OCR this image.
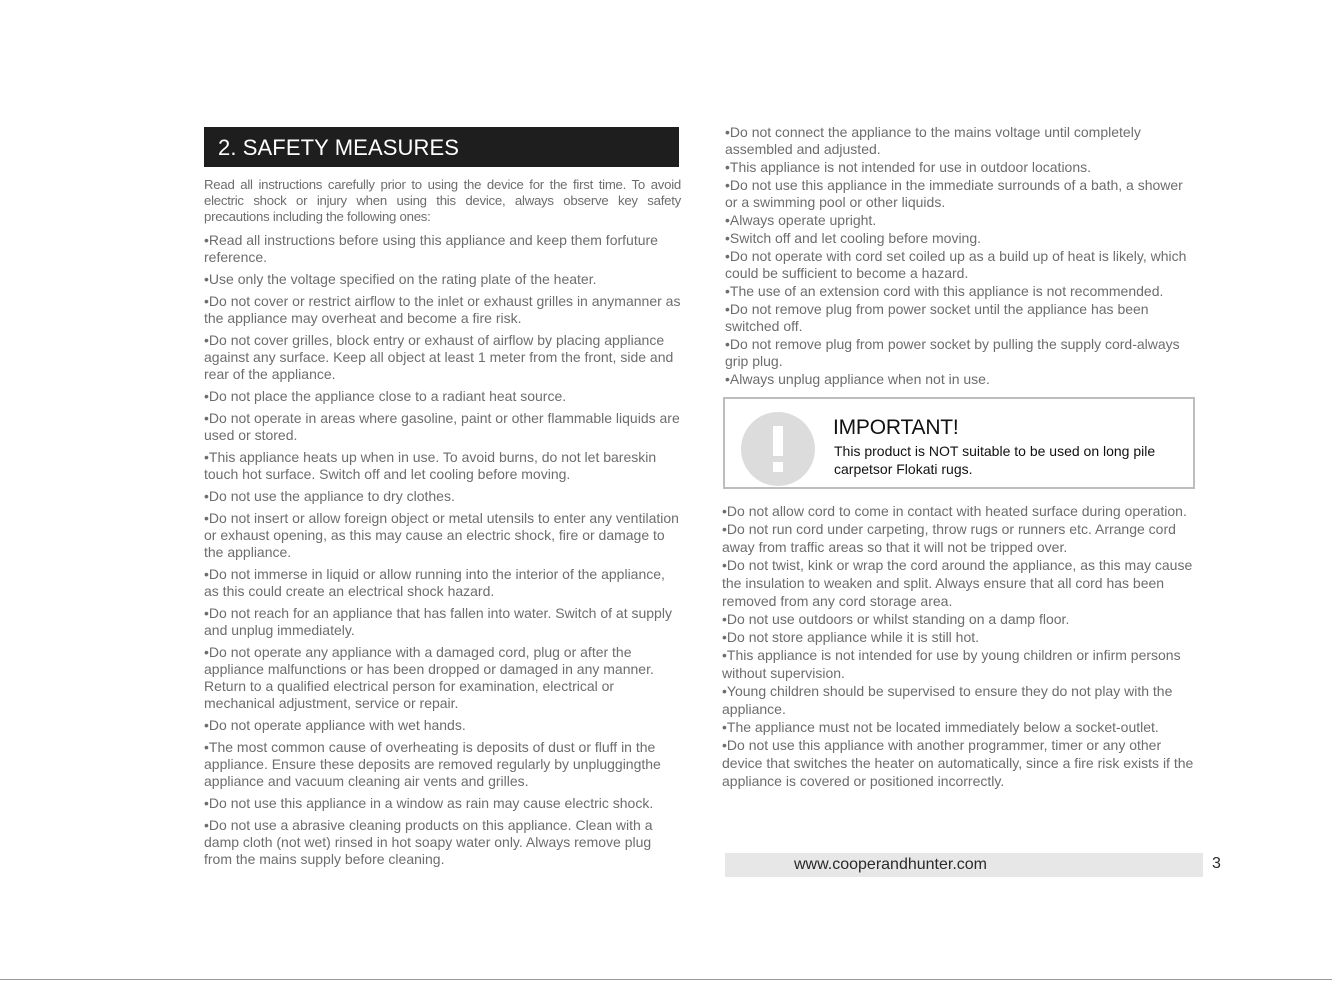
2. SAFETY MEASURES
Read all instructions carefully prior to using the device for the first time. To avoid electric shock or injury when using this device, always observe key safety precautions including the following ones:
•Read all instructions before using this appliance and keep them forfuture reference.
•Use only the voltage specified on the rating plate of the heater.
•Do not cover or restrict airflow to the inlet or exhaust grilles in anymanner as the appliance may overheat and become a fire risk.
•Do not cover grilles, block entry or exhaust of airflow by placing appliance against any surface. Keep all object at least 1 meter from the front, side and rear of the appliance.
•Do not place the appliance close to a radiant heat source.
•Do not operate in areas where gasoline, paint or other flammable liquids are used or stored.
•This appliance heats up when in use. To avoid burns, do not let bareskin touch hot surface. Switch off and let cooling before moving.
•Do not use the appliance to dry clothes.
•Do not insert or allow foreign object or metal utensils to enter any ventilation or exhaust opening, as this may cause an electric shock, fire or damage to the appliance.
•Do not immerse in liquid or allow running into the interior of the appliance, as this could create an electrical shock hazard.
•Do not reach for an appliance that has fallen into water. Switch of at supply and unplug immediately.
•Do not operate any appliance with a damaged cord, plug or after the appliance malfunctions or has been dropped or damaged in any manner. Return to a qualified electrical person for examination, electrical or mechanical adjustment, service or repair.
•Do not operate appliance with wet hands.
•The most common cause of overheating is deposits of dust or fluff in the appliance. Ensure these deposits are removed regularly by unpluggingthe appliance and vacuum cleaning air vents and grilles.
•Do not use this appliance in a window as rain may cause electric shock.
•Do not use a abrasive cleaning products on this appliance. Clean with a damp cloth (not wet) rinsed in hot soapy water only. Always remove plug from the mains supply before cleaning.
•Do not connect the appliance to the mains voltage until completely assembled and adjusted.
•This appliance is not intended for use in outdoor locations.
•Do not use this appliance in the immediate surrounds of a bath, a shower or a swimming pool or other liquids.
•Always operate upright.
•Switch off and let cooling before moving.
•Do not operate with cord set coiled up as a build up of heat is likely, which could be sufficient to become a hazard.
•The use of an extension cord with this appliance is not recommended.
•Do not remove plug from power socket until the appliance has been switched off.
•Do not remove plug from power socket by pulling the supply cord-always grip plug.
•Always unplug appliance when not in use.
IMPORTANT!
This product is NOT suitable to be used on long pile carpetsor Flokati rugs.
•Do not allow cord to come in contact with heated surface during operation.
•Do not run cord under carpeting, throw rugs or runners etc. Arrange cord away from traffic areas so that it will not be tripped over.
•Do not twist, kink or wrap the cord around the appliance, as this may cause the insulation to weaken and split. Always ensure that all cord has been removed from any cord storage area.
•Do not use outdoors or whilst standing on a damp floor.
•Do not store appliance while it is still hot.
•This appliance is not intended for use by young children or infirm persons without supervision.
•Young children should be supervised to ensure they do not play with the appliance.
•The appliance must not be located immediately below a socket-outlet.
•Do not use this appliance with another programmer, timer or any other device that switches the heater on automatically, since a fire risk exists if the appliance is covered or positioned incorrectly.
www.cooperandhunter.com	3
